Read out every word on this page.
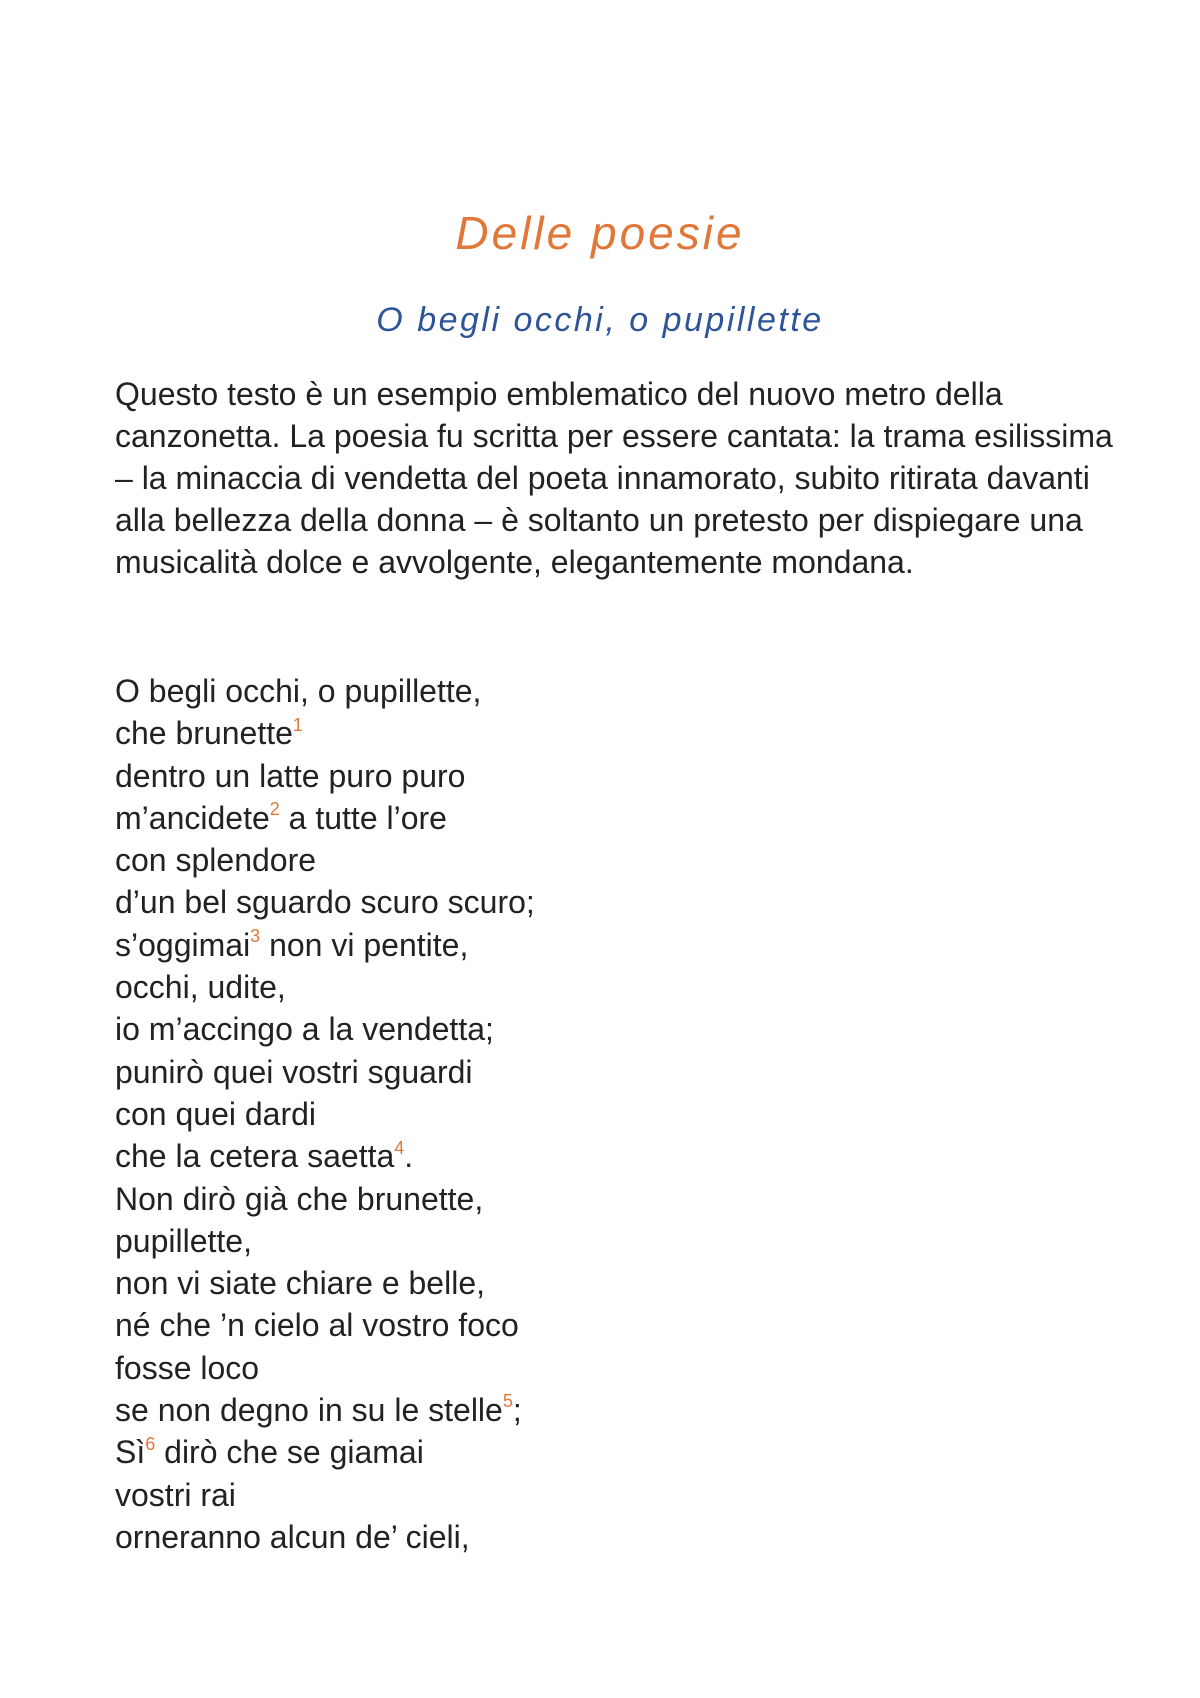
Delle poesie
O begli occhi, o pupillette

Questo testo è un esempio emblematico del nuovo metro della canzonetta. La poesia fu scritta per essere cantata: la trama esilissima – la minaccia di vendetta del poeta innamorato, subito ritirata davanti alla bellezza della donna – è soltanto un pretesto per dispiegare una musicalità dolce e avvolgente, elegantemente mondana.

O begli occhi, o pupillette,
che brunette$^1$
dentro un latte puro puro
m’ancidete$^2$ a tutte l’ore
con splendore
d’un bel sguardo scuro scuro;
s’oggimai$^3$ non vi pentite,
occhi, udite,
io m’accingo a la vendetta;
punirò quei vostri sguardi
con quei dardi
che la cetera saetta$^4$.
Non dirò già che brunette,
pupillette,
non vi siate chiare e belle,
né che ’n cielo al vostro foco
fosse loco
se non degno in su le stelle$^5$;
Sì$^6$ dirò che se giamai
vostri rai
orneranno alcun de’ cieli,
